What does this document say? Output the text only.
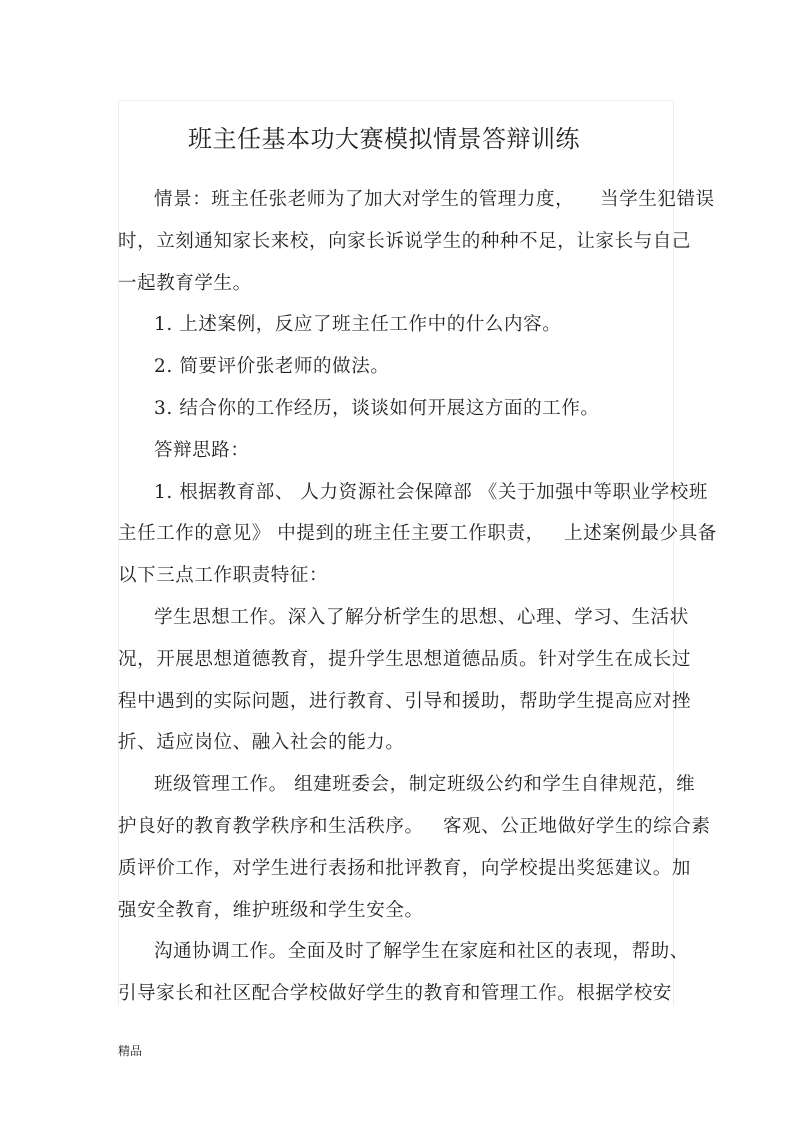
班主任基本功大赛模拟情景答辩训练
情景：班主任张老师为了加大对学生的管理力度，    当学生犯错误
时，立刻通知家长来校，向家长诉说学生的种种不足，让家长与自己
一起教育学生。
1. 上述案例，反应了班主任工作中的什么内容。
2. 简要评价张老师的做法。
3. 结合你的工作经历，谈谈如何开展这方面的工作。
答辩思路：
1. 根据教育部、 人力资源社会保障部 《关于加强中等职业学校班
主任工作的意见》 中提到的班主任主要工作职责，   上述案例最少具备
以下三点工作职责特征：
学生思想工作。深入了解分析学生的思想、心理、学习、生活状
况，开展思想道德教育，提升学生思想道德品质。针对学生在成长过
程中遇到的实际问题，进行教育、引导和援助，帮助学生提高应对挫
折、适应岗位、融入社会的能力。
班级管理工作。 组建班委会，制定班级公约和学生自律规范，维
护良好的教育教学秩序和生活秩序。   客观、公正地做好学生的综合素
质评价工作，对学生进行表扬和批评教育，向学校提出奖惩建议。加
强安全教育，维护班级和学生安全。
沟通协调工作。全面及时了解学生在家庭和社区的表现，帮助、
引导家长和社区配合学校做好学生的教育和管理工作。根据学校安
精品
